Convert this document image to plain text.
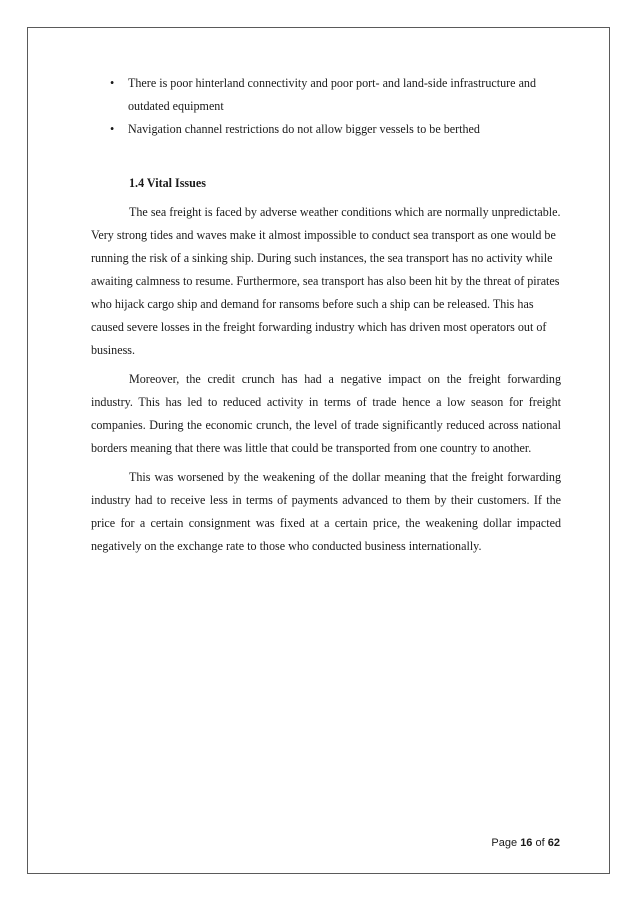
• There is poor hinterland connectivity and poor port- and land-side infrastructure and outdated equipment
• Navigation channel restrictions do not allow bigger vessels to be berthed
1.4 Vital Issues

The sea freight is faced by adverse weather conditions which are normally unpredictable. Very strong tides and waves make it almost impossible to conduct sea transport as one would be running the risk of a sinking ship. During such instances, the sea transport has no activity while awaiting calmness to resume. Furthermore, sea transport has also been hit by the threat of pirates who hijack cargo ship and demand for ransoms before such a ship can be released. This has caused severe losses in the freight forwarding industry which has driven most operators out of business.

Moreover, the credit crunch has had a negative impact on the freight forwarding industry. This has led to reduced activity in terms of trade hence a low season for freight companies. During the economic crunch, the level of trade significantly reduced across national borders meaning that there was little that could be transported from one country to another.

This was worsened by the weakening of the dollar meaning that the freight forwarding industry had to receive less in terms of payments advanced to them by their customers. If the price for a certain consignment was fixed at a certain price, the weakening dollar impacted negatively on the exchange rate to those who conducted business internationally.

Page 16 of 62
